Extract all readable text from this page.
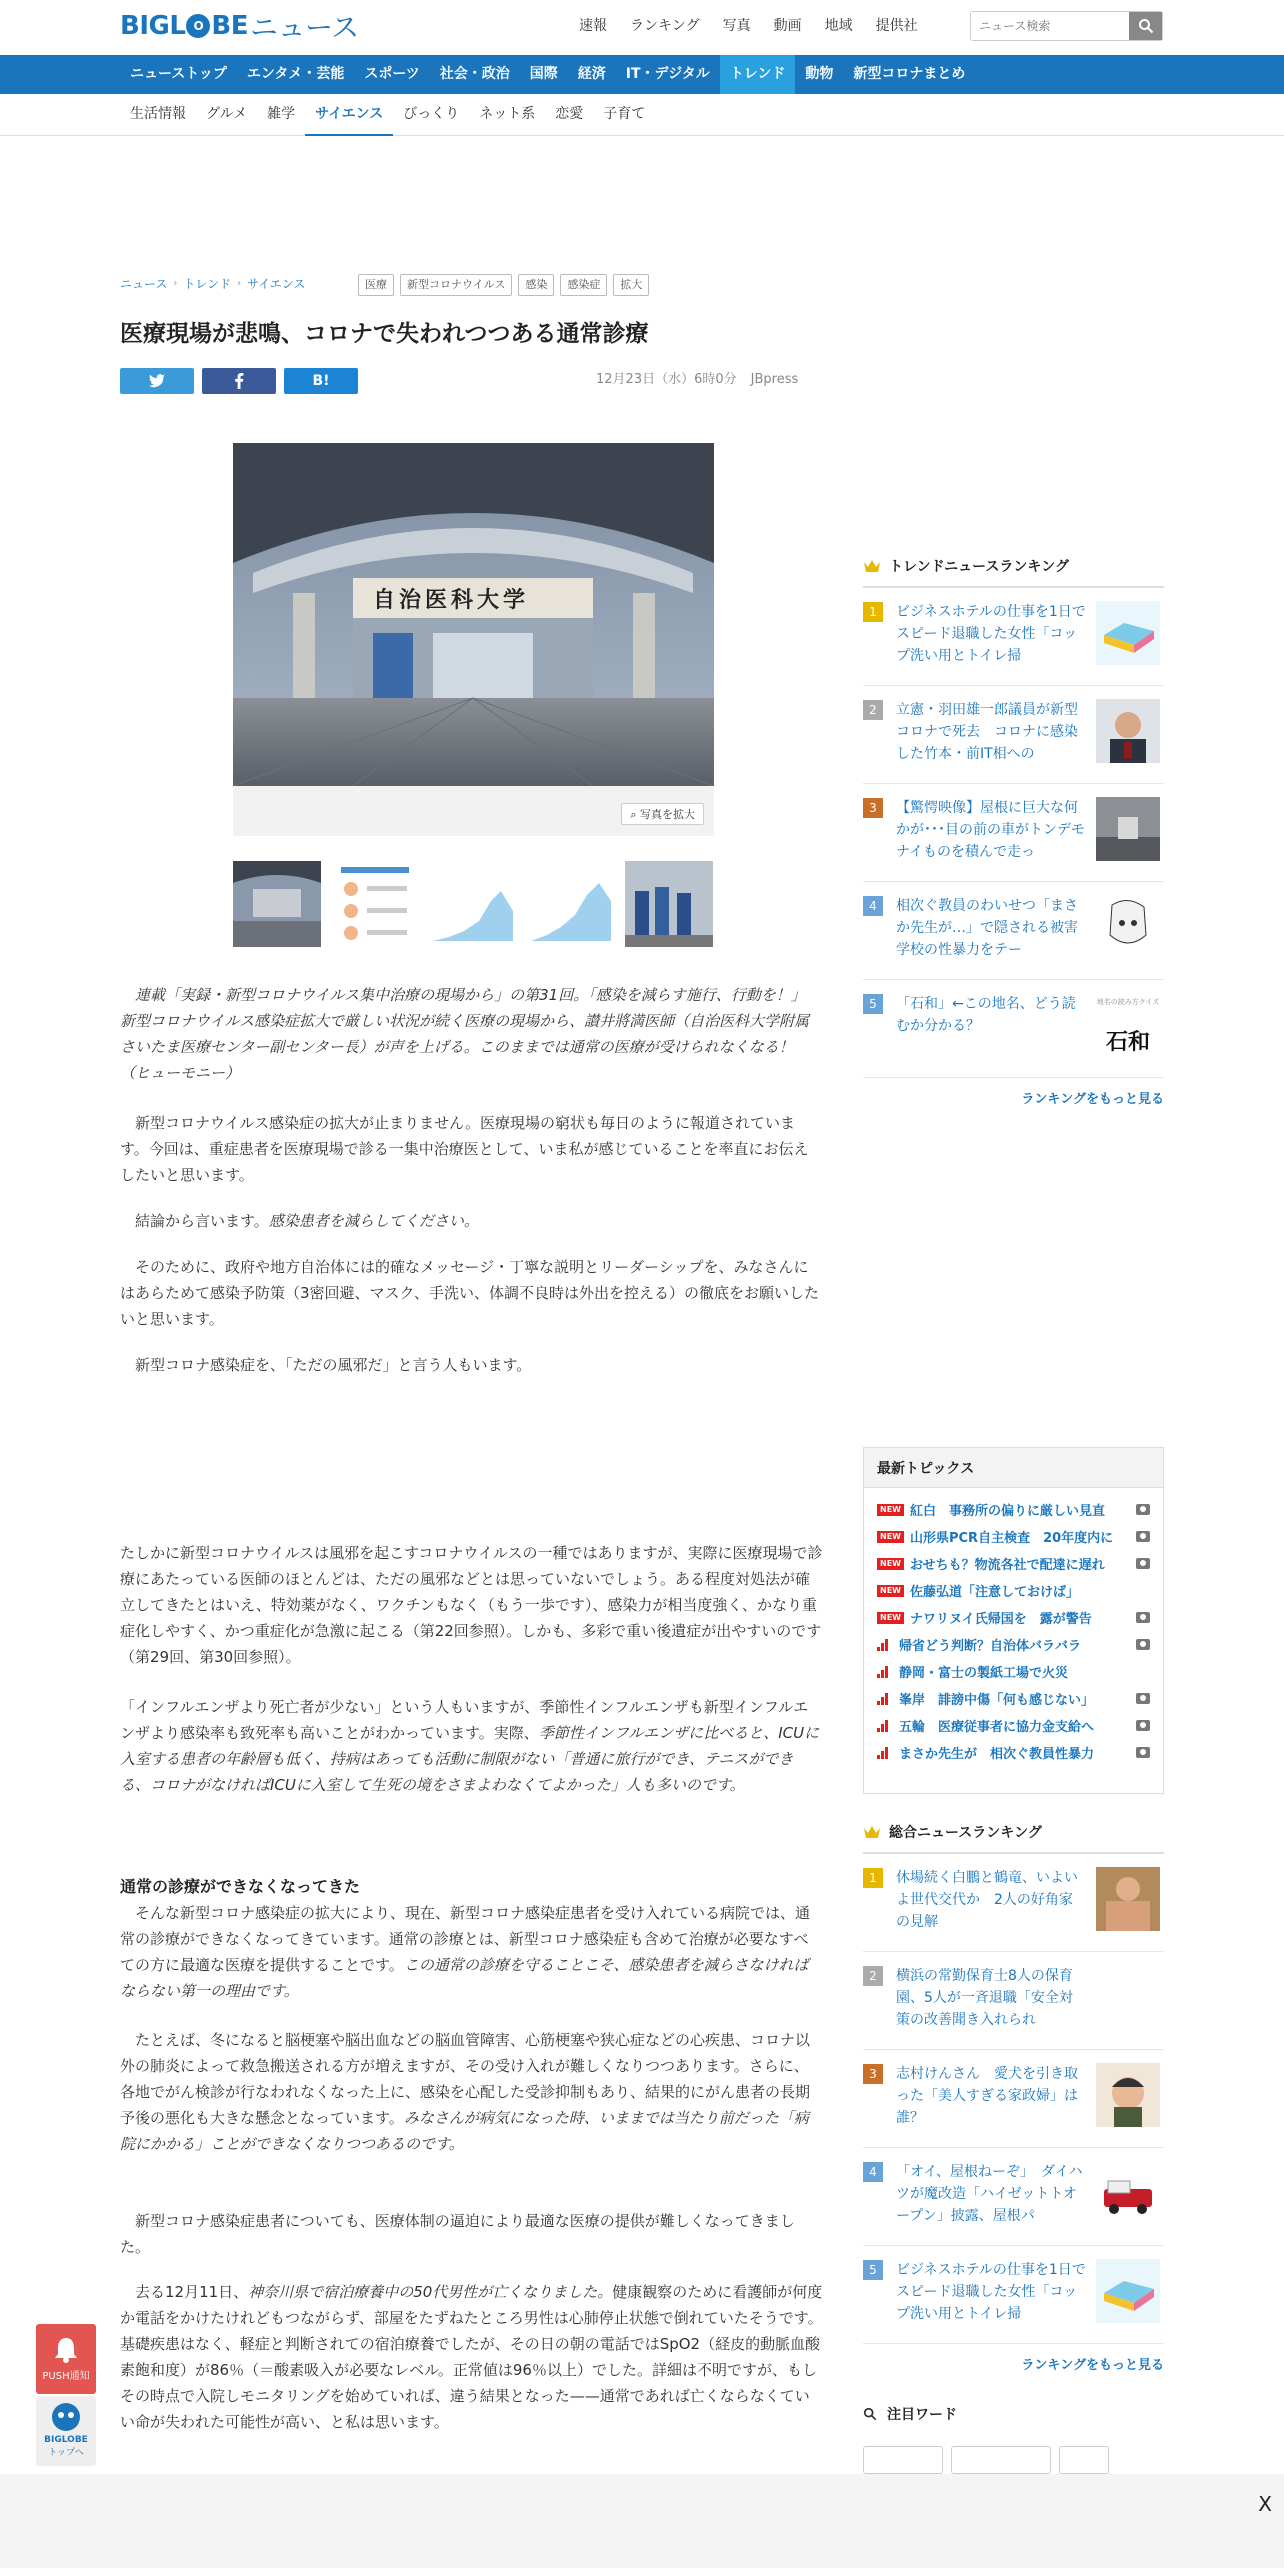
BIGL O BE ニュース	速報 ランキング 写真 動画 地域 提供社
ニュース検索
ニューストップ	エンタメ・芸能	スポーツ	社会・政治	国際	経済	IT・デジタル	トレンド	動物	新型コロナまとめ
生活情報	グルメ	雑学	サイエンス	びっくり	ネット系	恋愛	子育て
ニュース › トレンド › サイエンス	医療	新型コロナウイルス	感染	感染症	拡大
医療現場が悲鳴、コロナで失われつつある通常診療
B!	12月23日（水）6時0分 JBpress
自治医科大学
⌕ 写真を拡大

連載「実録・新型コロナウイルス集中治療の現場から」の第31回。「感染を減らす施行、行動を！」　新型コロナウイルス感染症拡大で厳しい状況が続く医療の現場から、讃井將満医師（自治医科大学附属さいたま医療センター副センター長）が声を上げる。このままでは通常の医療が受けられなくなる！（ヒューモニー）

新型コロナウイルス感染症の拡大が止まりません。医療現場の窮状も毎日のように報道されています。今回は、重症患者を医療現場で診る一集中治療医として、いま私が感じていることを率直にお伝えしたいと思います。

結論から言います。感染患者を減らしてください。

そのために、政府や地方自治体には的確なメッセージ・丁寧な説明とリーダーシップを、みなさんにはあらためて感染予防策（3密回避、マスク、手洗い、体調不良時は外出を控える）の徹底をお願いしたいと思います。

新型コロナ感染症を、「ただの風邪だ」と言う人もいます。

たしかに新型コロナウイルスは風邪を起こすコロナウイルスの一種ではありますが、実際に医療現場で診療にあたっている医師のほとんどは、ただの風邪などとは思っていないでしょう。ある程度対処法が確立してきたとはいえ、特効薬がなく、ワクチンもなく（もう一歩です）、感染力が相当度強く、かなり重症化しやすく、かつ重症化が急激に起こる（第22回参照）。しかも、多彩で重い後遺症が出やすいのです（第29回、第30回参照）。
「インフルエンザより死亡者が少ない」という人もいますが、季節性インフルエンザも新型インフルエンザより感染率も致死率も高いことがわかっています。実際、季節性インフルエンザに比べると、ICUに入室する患者の年齢層も低く、持病はあっても活動に制限がない「普通に旅行ができ、テニスができる、コロナがなければICUに入室して生死の境をさまよわなくてよかった」人も多いのです。
通常の診療ができなくなってきた

そんな新型コロナ感染症の拡大により、現在、新型コロナ感染症患者を受け入れている病院では、通常の診療ができなくなってきています。通常の診療とは、新型コロナ感染症も含めて治療が必要なすべての方に最適な医療を提供することです。この通常の診療を守ることこそ、感染患者を減らさなければならない第一の理由です。

たとえば、冬になると脳梗塞や脳出血などの脳血管障害、心筋梗塞や狭心症などの心疾患、コロナ以外の肺炎によって救急搬送される方が増えますが、その受け入れが難しくなりつつあります。さらに、各地でがん検診が行なわれなくなった上に、感染を心配した受診抑制もあり、結果的にがん患者の長期予後の悪化も大きな懸念となっています。みなさんが病気になった時、いままでは当たり前だった「病院にかかる」ことができなくなりつつあるのです。

新型コロナ感染症患者についても、医療体制の逼迫により最適な医療の提供が難しくなってきました。

去る12月11日、神奈川県で宿泊療養中の50代男性が亡くなりました。健康観察のために看護師が何度か電話をかけたけれどもつながらず、部屋をたずねたところ男性は心肺停止状態で倒れていたそうです。基礎疾患はなく、軽症と判断されての宿泊療養でしたが、その日の朝の電話ではSpO2（経皮的動脈血酸素飽和度）が86％（＝酸素吸入が必要なレベル。正常値は96％以上）でした。詳細は不明ですが、もしその時点で入院しモニタリングを始めていれば、違う結果となった——通常であれば亡くならなくていい命が失われた可能性が高い、と私は思います。

トレンドニュースランキング
1	ビジネスホテルの仕事を1日でスピード退職した女性「コップ洗い用とトイレ掃
2	立憲・羽田雄一郎議員が新型コロナで死去　コロナに感染した竹本・前IT相への
3	【驚愕映像】屋根に巨大な何かが･･･目の前の車がトンデモナイものを積んで走っ
4	相次ぐ教員のわいせつ「まさか先生が…」で隠される被害　学校の性暴力をテー
5	「石和」←この地名、どう読むか分かる？
地名の読み方クイズ
石和
ランキングをもっと見る
最新トピックス
NEW 紅白　事務所の偏りに厳しい見直
NEW 山形県PCR自主検査　20年度内に
NEW おせちも？物流各社で配達に遅れ
NEW 佐藤弘道「注意しておけば」
NEW ナワリヌイ氏帰国を　露が警告
帰省どう判断？自治体バラバラ
静岡・富士の製紙工場で火災
峯岸　誹謗中傷「何も感じない」
五輪　医療従事者に協力金支給へ
まさか先生が　相次ぐ教員性暴力
総合ニュースランキング
1	休場続く白鵬と鶴竜、いよいよ世代交代か　2人の好角家の見解
2	横浜の常勤保育士8人の保育園、5人が一斉退職「安全対策の改善聞き入れられ
3	志村けんさん　愛犬を引き取った「美人すぎる家政婦」は誰？
4	「オイ、屋根ねーぞ」　ダイハツが魔改造「ハイゼットトオープン」披露、屋根パ
5	ビジネスホテルの仕事を1日でスピード退職した女性「コップ洗い用とトイレ掃
ランキングをもっと見る
注目ワード
PUSH通知
BIGLOBE
トップへ
X
